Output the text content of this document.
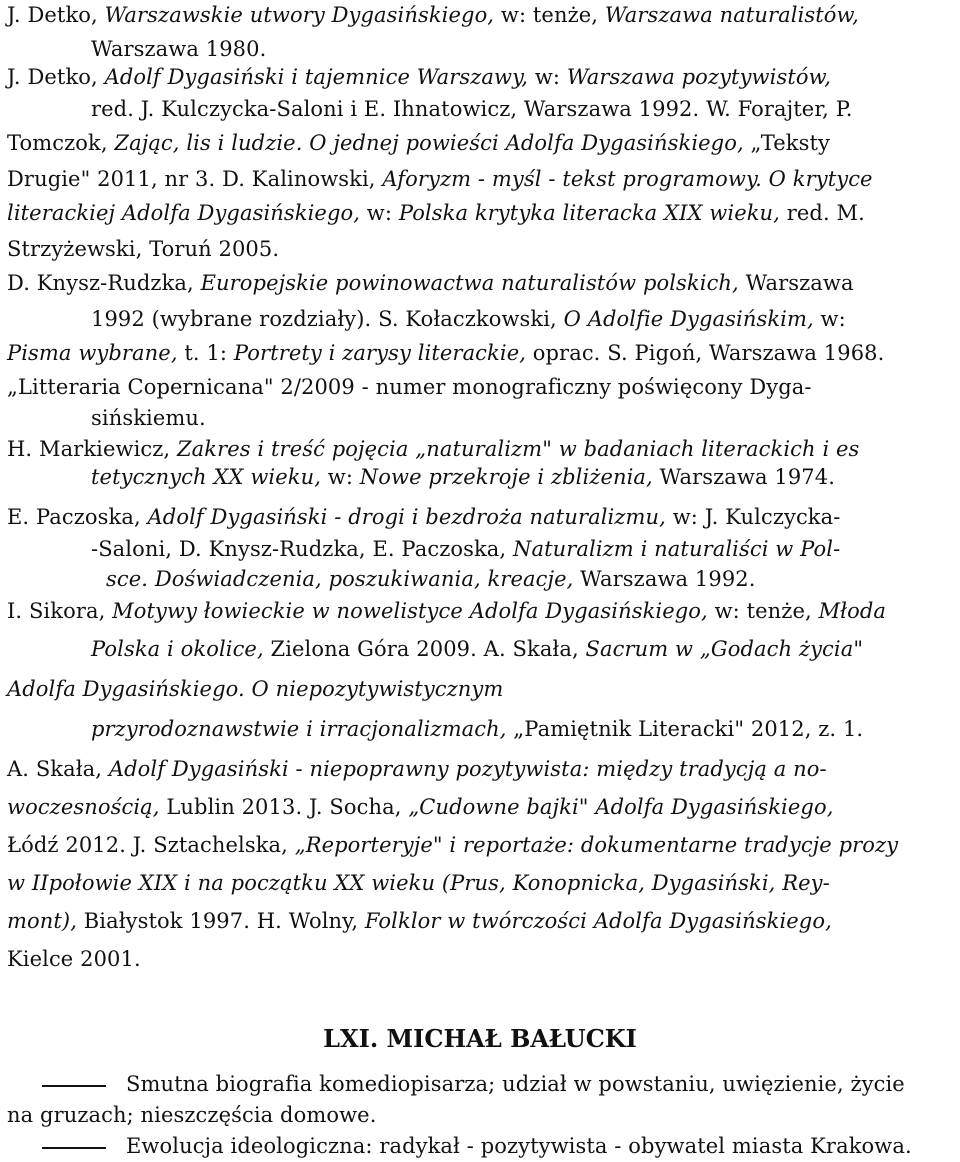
J. Detko, Warszawskie utwory Dygasińskiego, w: tenże, Warszawa naturalistów,
Warszawa 1980.
J. Detko, Adolf Dygasiński i tajemnice Warszawy, w: Warszawa pozytywistów,
red. J. Kulczycka-Saloni i E. Ihnatowicz, Warszawa 1992. W. Forajter, P.
Tomczok, Zając, lis i ludzie. O jednej powieści Adolfa Dygasińskiego, „Teksty
Drugie" 2011, nr 3. D. Kalinowski, Aforyzm - myśl - tekst programowy. O krytyce
literackiej Adolfa Dygasińskiego, w: Polska krytyka literacka XIX wieku, red. M.
Strzyżewski, Toruń 2005.
D. Knysz-Rudzka, Europejskie powinowactwa naturalistów polskich, Warszawa
1992 (wybrane rozdziały). S. Kołaczkowski, O Adolfie Dygasińskim, w:
Pisma wybrane, t. 1: Portrety i zarysy literackie, oprac. S. Pigoń, Warszawa 1968.
„Litteraria Copernicana" 2/2009 - numer monograficzny poświęcony Dyga-
sińskiemu.
H. Markiewicz, Zakres i treść pojęcia „naturalizm" w badaniach literackich i es
tetycznych XX wieku, w: Nowe przekroje i zbliżenia, Warszawa 1974.
E. Paczoska, Adolf Dygasiński - drogi i bezdroża naturalizmu, w: J. Kulczycka-
-Saloni, D. Knysz-Rudzka, E. Paczoska, Naturalizm i naturaliści w Pol-
sce. Doświadczenia, poszukiwania, kreacje, Warszawa 1992.
I. Sikora, Motywy łowieckie w nowelistyce Adolfa Dygasińskiego, w: tenże, Młoda
Polska i okolice, Zielona Góra 2009. A. Skała, Sacrum w „Godach życia"
Adolfa Dygasińskiego. O niepozytywistycznym
przyrodoznawstwie i irracjonalizmach, „Pamiętnik Literacki" 2012, z. 1.
A. Skała, Adolf Dygasiński - niepoprawny pozytywista: między tradycją a no-
woczesnością, Lublin 2013. J. Socha, „Cudowne bajki" Adolfa Dygasińskiego,
Łódź 2012. J. Sztachelska, „Reporteryje" i reportaże: dokumentarne tradycje prozy
w IIpołowie XIX i na początku XX wieku (Prus, Konopnicka, Dygasiński, Rey-
mont), Białystok 1997. H. Wolny, Folklor w twórczości Adolfa Dygasińskiego,
Kielce 2001.
LXI. MICHAŁ BAŁUCKI
Smutna biografia komediopisarza; udział w powstaniu, uwięzienie, życie
na gruzach; nieszczęścia domowe.
Ewolucja ideologiczna: radykał - pozytywista - obywatel miasta Krakowa.
